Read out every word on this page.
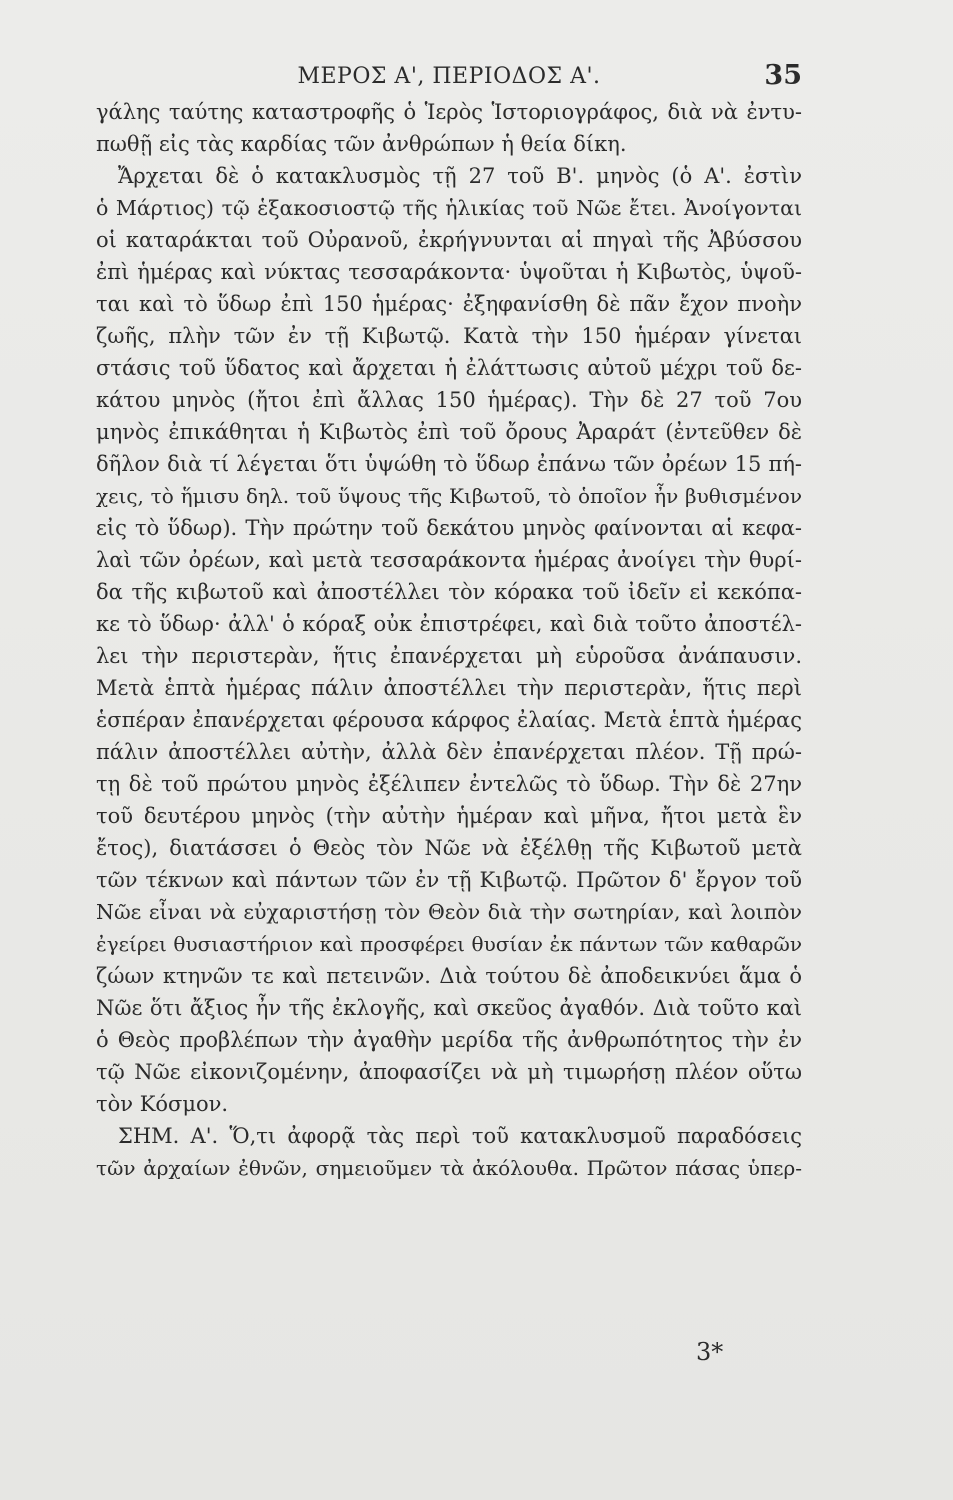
ΜΕΡΟΣ Α', ΠΕΡΙΟΔΟΣ Α'.	35
γάλης ταύτης καταστροφῆς ὁ Ἱερὸς Ἱστοριογράφος, διὰ νὰ ἐντυ-
πωθῇ εἰς τὰς καρδίας τῶν ἀνθρώπων ἡ θεία δίκη.
Ἄρχεται δὲ ὁ κατακλυσμὸς τῇ 27 τοῦ Β'. μηνὸς (ὁ Α'. ἐστὶν
ὁ Μάρτιος) τῷ ἑξακοσιοστῷ τῆς ἡλικίας τοῦ Νῶε ἔτει. Ἀνοίγονται
οἱ καταράκται τοῦ Οὐρανοῦ, ἐκρήγνυνται αἱ πηγαὶ τῆς Ἀβύσσου
ἐπὶ ἡμέρας καὶ νύκτας τεσσαράκοντα· ὑψοῦται ἡ Κιβωτὸς, ὑψοῦ-
ται καὶ τὸ ὕδωρ ἐπὶ 150 ἡμέρας· ἐξηφανίσθη δὲ πᾶν ἔχον πνοὴν
ζωῆς, πλὴν τῶν ἐν τῇ Κιβωτῷ. Κατὰ τὴν 150 ἡμέραν γίνεται
στάσις τοῦ ὕδατος καὶ ἄρχεται ἡ ἐλάττωσις αὐτοῦ μέχρι τοῦ δε-
κάτου μηνὸς (ἤτοι ἐπὶ ἄλλας 150 ἡμέρας). Τὴν δὲ 27 τοῦ 7ου
μηνὸς ἐπικάθηται ἡ Κιβωτὸς ἐπὶ τοῦ ὄρους Ἀραράτ (ἐντεῦθεν δὲ
δῆλον διὰ τί λέγεται ὅτι ὑψώθη τὸ ὕδωρ ἐπάνω τῶν ὀρέων 15 πή-
χεις, τὸ ἥμισυ δηλ. τοῦ ὕψους τῆς Κιβωτοῦ, τὸ ὁποῖον ἦν βυθισμένον
εἰς τὸ ὕδωρ). Τὴν πρώτην τοῦ δεκάτου μηνὸς φαίνονται αἱ κεφα-
λαὶ τῶν ὀρέων, καὶ μετὰ τεσσαράκοντα ἡμέρας ἀνοίγει τὴν θυρί-
δα τῆς κιβωτοῦ καὶ ἀποστέλλει τὸν κόρακα τοῦ ἰδεῖν εἰ κεκόπα-
κε τὸ ὕδωρ· ἀλλ' ὁ κόραξ οὐκ ἐπιστρέφει, καὶ διὰ τοῦτο ἀποστέλ-
λει τὴν περιστερὰν, ἥτις ἐπανέρχεται μὴ εὑροῦσα ἀνάπαυσιν.
Μετὰ ἑπτὰ ἡμέρας πάλιν ἀποστέλλει τὴν περιστερὰν, ἥτις περὶ
ἑσπέραν ἐπανέρχεται φέρουσα κάρφος ἐλαίας. Μετὰ ἑπτὰ ἡμέρας
πάλιν ἀποστέλλει αὐτὴν, ἀλλὰ δὲν ἐπανέρχεται πλέον. Τῇ πρώ-
τῃ δὲ τοῦ πρώτου μηνὸς ἐξέλιπεν ἐντελῶς τὸ ὕδωρ. Τὴν δὲ 27ην
τοῦ δευτέρου μηνὸς (τὴν αὐτὴν ἡμέραν καὶ μῆνα, ἤτοι μετὰ ἓν
ἔτος), διατάσσει ὁ Θεὸς τὸν Νῶε νὰ ἐξέλθῃ τῆς Κιβωτοῦ μετὰ
τῶν τέκνων καὶ πάντων τῶν ἐν τῇ Κιβωτῷ. Πρῶτον δ' ἔργον τοῦ
Νῶε εἶναι νὰ εὐχαριστήσῃ τὸν Θεὸν διὰ τὴν σωτηρίαν, καὶ λοιπὸν
ἐγείρει θυσιαστήριον καὶ προσφέρει θυσίαν ἐκ πάντων τῶν καθαρῶν
ζώων κτηνῶν τε καὶ πετεινῶν. Διὰ τούτου δὲ ἀποδεικνύει ἅμα ὁ
Νῶε ὅτι ἄξιος ἦν τῆς ἐκλογῆς, καὶ σκεῦος ἀγαθόν. Διὰ τοῦτο καὶ
ὁ Θεὸς προβλέπων τὴν ἀγαθὴν μερίδα τῆς ἀνθρωπότητος τὴν ἐν
τῷ Νῶε εἰκονιζομένην, ἀποφασίζει νὰ μὴ τιμωρήσῃ πλέον οὕτω
τὸν Κόσμον.
ΣΗΜ. Α'. Ὅ,τι ἀφορᾷ τὰς περὶ τοῦ κατακλυσμοῦ παραδόσεις
τῶν ἀρχαίων ἐθνῶν, σημειοῦμεν τὰ ἀκόλουθα. Πρῶτον πάσας ὑπερ-
3*
